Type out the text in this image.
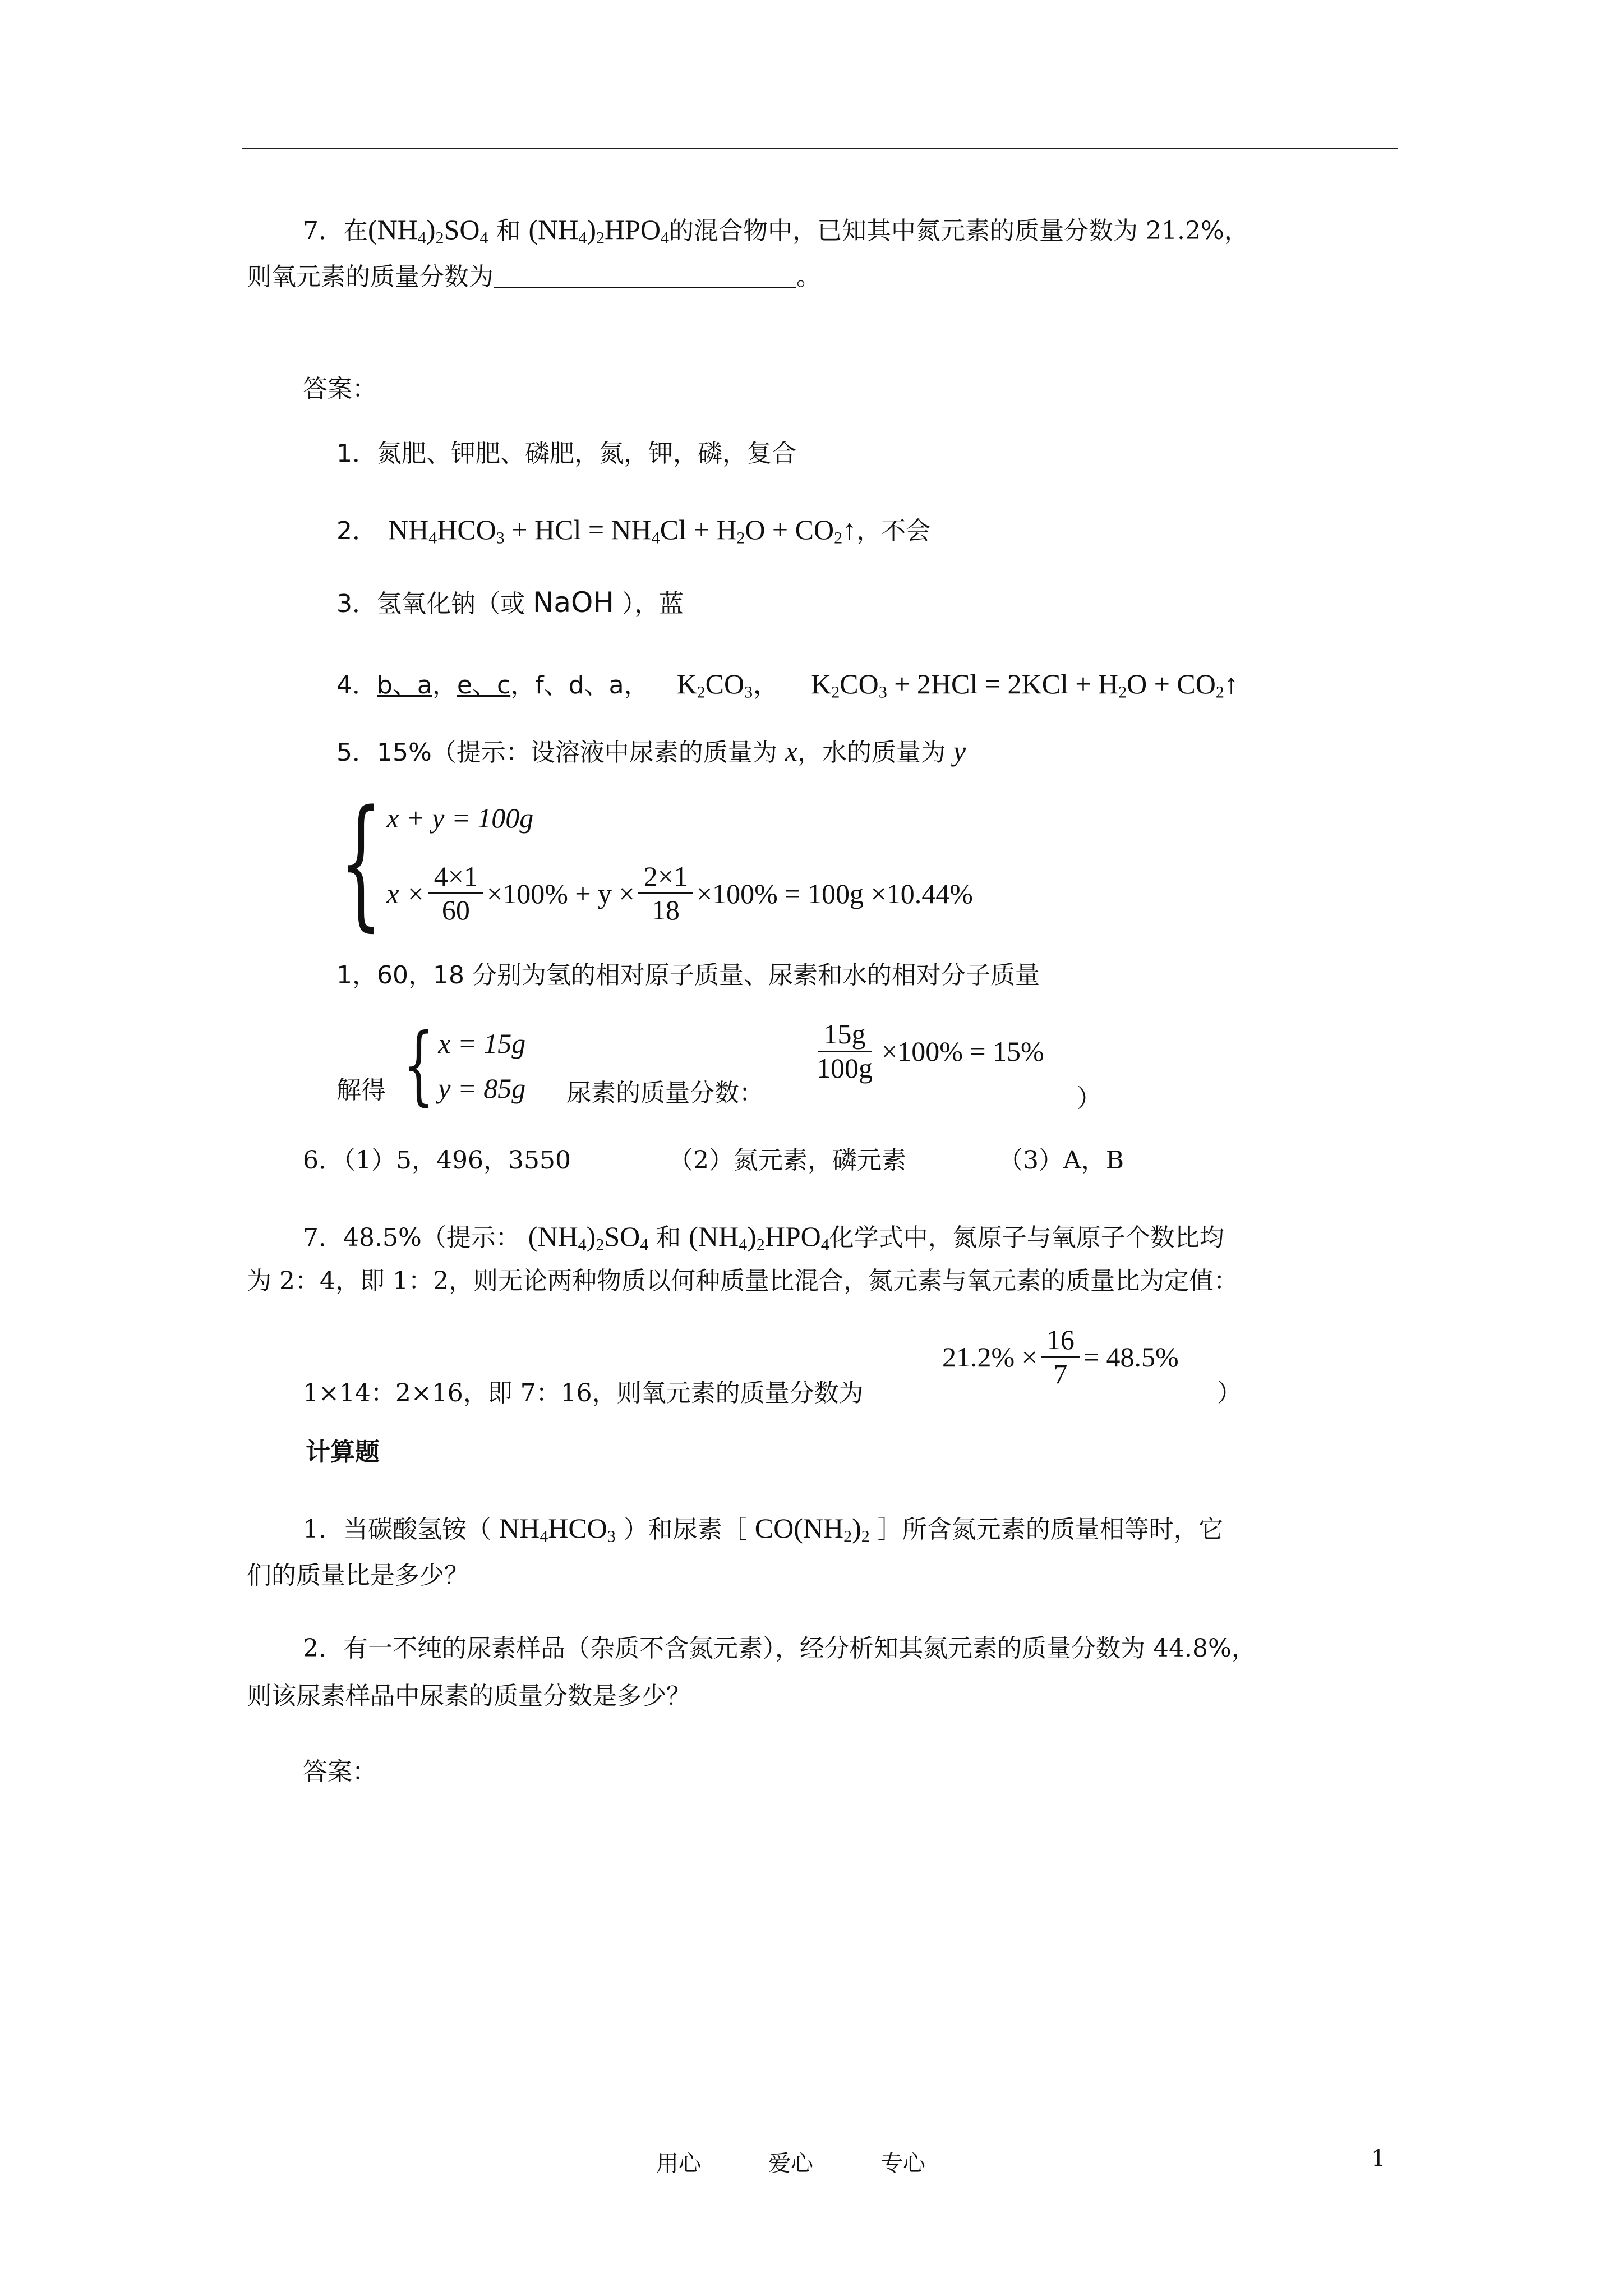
7．在$(NH_4)_2SO_4$ 和 $(NH_4)_2HPO_4$的混合物中，已知其中氮元素的质量分数为 21.2%，
则氧元素的质量分数为	。
答案：
1．氮肥、钾肥、磷肥，氮，钾，磷，复合
2． $NH_4HCO_3$ + HCl = $NH_4Cl + H_2O$ + $CO_2↑$，不会
3．氢氧化钠（或 NaOH ），蓝
4．b、a，e、c，f、d、a， $K_2CO_3$， $K_2CO_3 + 2HCl = 2KCl + H_2O$ + $CO_2↑$
5．15%（提示：设溶液中尿素的质量为 x，水的质量为 y
{ x + y = 100g
$x \times \frac{4\times 1}{60} \times 100\% + y \times \frac{2\times 1}{18} \times 100\% = 100g \times 10.44\%$
1，60，18 分别为氢的相对原子质量、尿素和水的相对分子质量
解得 { x = 15g
y = 85g 尿素的质量分数：
$\frac{15g}{100g} \times 100\% = 15\%$
）
6．（1）5，496，3550	（2）氮元素，磷元素	（3）A，B
7．48.5%（提示： $(NH_4)_2SO_4$ 和 $(NH_4)_2HPO_4$化学式中，氮原子与氧原子个数比均
为 2：4，即 1：2，则无论两种物质以何种质量比混合，氮元素与氧元素的质量比为定值：
1×14：2×16，即 7：16，则氧元素的质量分数为
$21.2\% \times \frac{16}{7} = 48.5\%$
）
计算题
1．当碳酸氢铵（ $NH_4HCO_3$ ）和尿素［ $CO(NH_2)_2$ ］所含氮元素的质量相等时，它
们的质量比是多少？
2．有一不纯的尿素样品（杂质不含氮元素），经分析知其氮元素的质量分数为 44.8%，
则该尿素样品中尿素的质量分数是多少？
答案：
用心	爱心	专心	1
